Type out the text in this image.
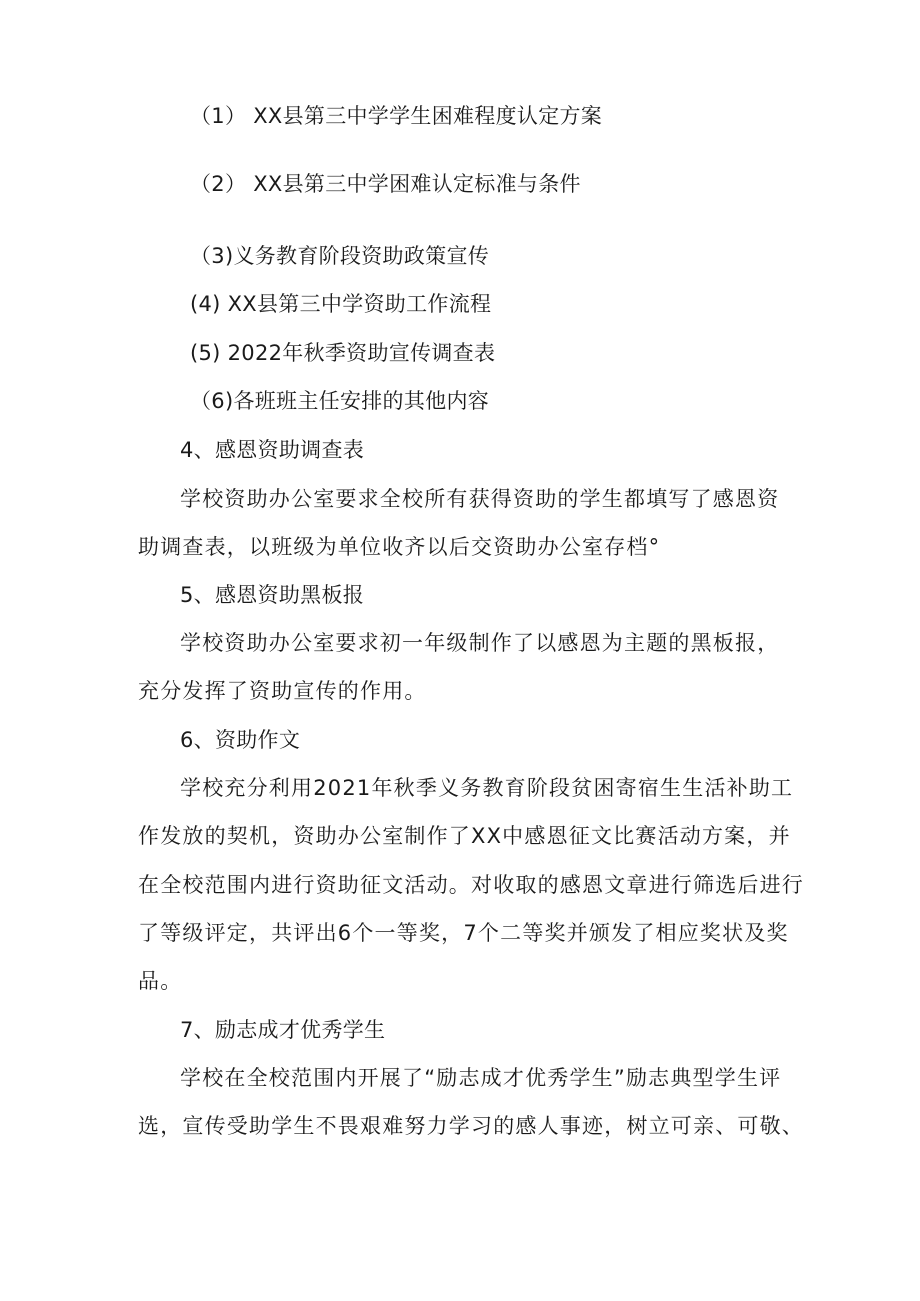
（1） XX县第三中学学生困难程度认定方案
（2） XX县第三中学困难认定标准与条件
（3)义务教育阶段资助政策宣传
(4) XX县第三中学资助工作流程
(5) 2022年秋季资助宣传调查表
（6)各班班主任安排的其他内容
4、感恩资助调查表
学校资助办公室要求全校所有获得资助的学生都填写了感恩资
助调查表，以班级为单位收齐以后交资助办公室存档°
5、感恩资助黑板报
学校资助办公室要求初一年级制作了以感恩为主题的黑板报，
充分发挥了资助宣传的作用。
6、资助作文
学校充分利用2021年秋季义务教育阶段贫困寄宿生生活补助工
作发放的契机，资助办公室制作了XX中感恩征文比赛活动方案，并
在全校范围内进行资助征文活动。对收取的感恩文章进行筛选后进行
了等级评定，共评出6个一等奖，7个二等奖并颁发了相应奖状及奖
品。
7、励志成才优秀学生
学校在全校范围内开展了“励志成才优秀学生”励志典型学生评
选，宣传受助学生不畏艰难努力学习的感人事迹，树立可亲、可敬、
